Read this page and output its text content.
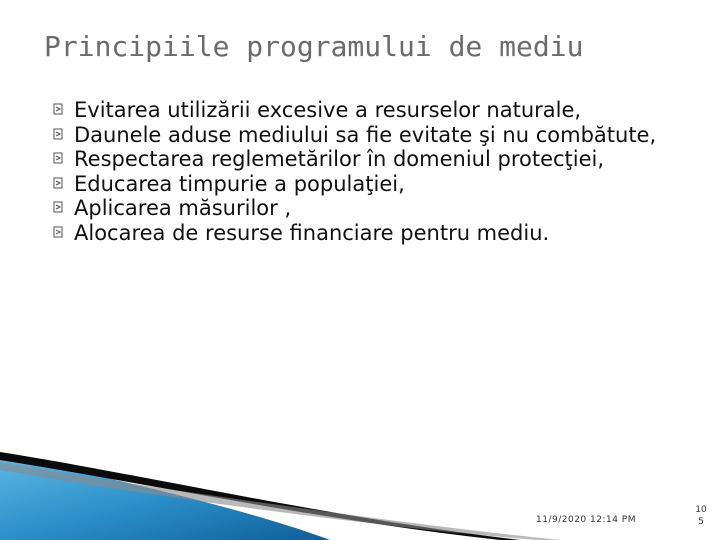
Principiile programului de mediu
Evitarea utilizării excesive a resurselor naturale,
Daunele aduse mediului sa fie evitate şi nu combătute,
Respectarea reglemetărilor în domeniul protecţiei,
Educarea timpurie a populaţiei,
Aplicarea măsurilor ,
Alocarea de resurse financiare pentru mediu.
11/9/2020 12:14 PM
10
5
